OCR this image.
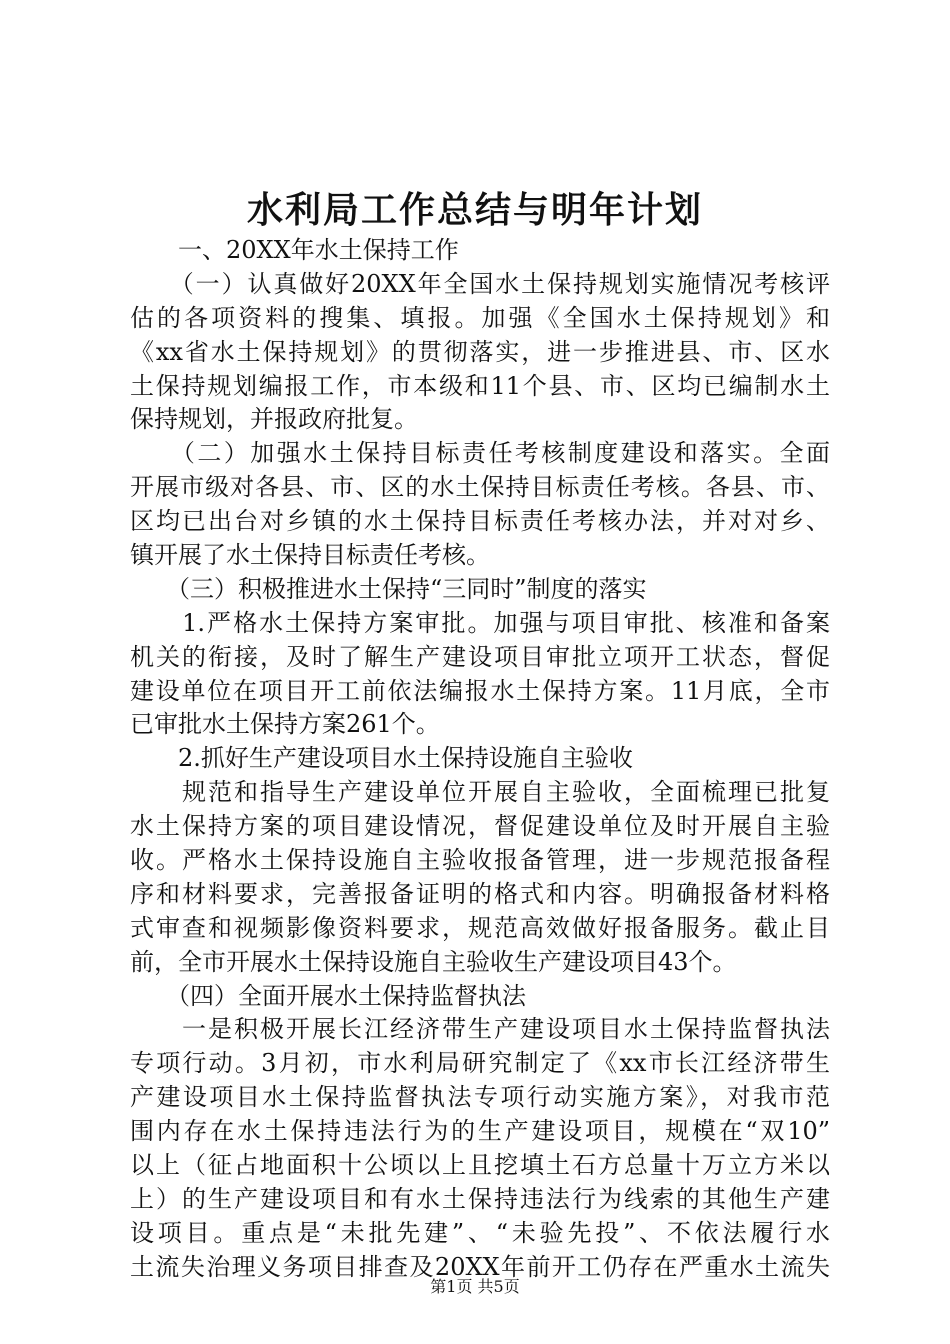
水利局工作总结与明年计划
　　一、20XX年水土保持工作
　　（一）认真做好20XX年全国水土保持规划实施情况考核评
估的各项资料的搜集、填报。加强《全国水土保持规划》和
《xx省水土保持规划》的贯彻落实，进一步推进县、市、区水
土保持规划编报工作，市本级和11个县、市、区均已编制水土
保持规划，并报政府批复。
　　（二）加强水土保持目标责任考核制度建设和落实。全面
开展市级对各县、市、区的水土保持目标责任考核。各县、市、
区均已出台对乡镇的水土保持目标责任考核办法，并对对乡、
镇开展了水土保持目标责任考核。
　　（三）积极推进水土保持“三同时”制度的落实
　　1.严格水土保持方案审批。加强与项目审批、核准和备案
机关的衔接，及时了解生产建设项目审批立项开工状态，督促
建设单位在项目开工前依法编报水土保持方案。11月底，全市
已审批水土保持方案261个。
　　2.抓好生产建设项目水土保持设施自主验收
　　规范和指导生产建设单位开展自主验收，全面梳理已批复
水土保持方案的项目建设情况，督促建设单位及时开展自主验
收。严格水土保持设施自主验收报备管理，进一步规范报备程
序和材料要求，完善报备证明的格式和内容。明确报备材料格
式审查和视频影像资料要求，规范高效做好报备服务。截止目
前，全市开展水土保持设施自主验收生产建设项目43个。
　　（四）全面开展水土保持监督执法
　　一是积极开展长江经济带生产建设项目水土保持监督执法
专项行动。3月初，市水利局研究制定了《xx市长江经济带生
产建设项目水土保持监督执法专项行动实施方案》，对我市范
围内存在水土保持违法行为的生产建设项目，规模在“双10”
以上（征占地面积十公顷以上且挖填土石方总量十万立方米以
上）的生产建设项目和有水土保持违法行为线索的其他生产建
设项目。重点是“未批先建”、“未验先投”、不依法履行水
土流失治理义务项目排查及20XX年前开工仍存在严重水土流失
第1页 共5页
